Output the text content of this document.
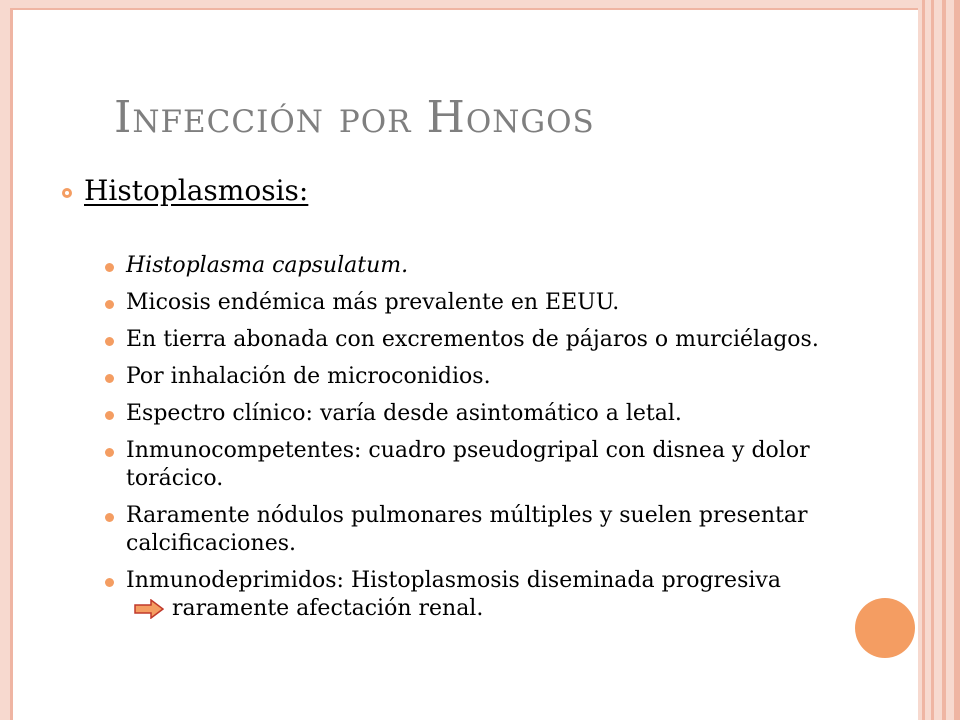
Infección por Hongos
Histoplasmosis:
Histoplasma capsulatum.
Micosis endémica más prevalente en EEUU.
En tierra abonada con excrementos de pájaros o murciélagos.
Por inhalación de microconidios.
Espectro clínico: varía desde asintomático a letal.
Inmunocompetentes: cuadro pseudogripal con disnea y dolor torácico.
Raramente nódulos pulmonares múltiples y suelen presentar calcificaciones.
Inmunodeprimidos: Histoplasmosis diseminada progresivararamente afectación renal.
